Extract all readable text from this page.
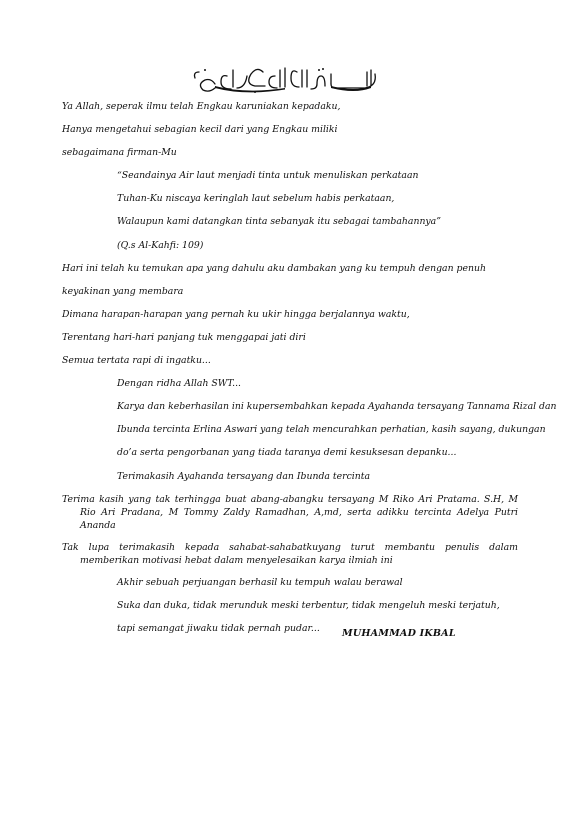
Ya Allah, seperak ilmu telah Engkau karuniakan kepadaku,
Hanya mengetahui sebagian kecil dari yang Engkau miliki
sebagaimana firman-Mu
“Seandainya Air laut menjadi tinta untuk menuliskan perkataan
Tuhan-Ku niscaya keringlah laut sebelum habis perkataan,
Walaupun kami datangkan tinta sebanyak itu sebagai tambahannya”
(Q.s Al-Kahfi: 109)
Hari ini telah ku temukan apa yang dahulu aku dambakan yang ku tempuh dengan penuh
keyakinan yang membara
Dimana harapan-harapan yang pernah ku ukir hingga berjalannya waktu,
Terentang hari-hari panjang tuk menggapai jati diri
Semua tertata rapi di ingatku...
Dengan ridha Allah SWT...
Karya dan keberhasilan ini kupersembahkan kepada Ayahanda tersayang Tannama Rizal dan
Ibunda tercinta Erlina Aswari yang telah mencurahkan perhatian, kasih sayang, dukungan
do’a serta pengorbanan yang tiada taranya demi kesuksesan depanku...
Terimakasih Ayahanda tersayang dan Ibunda tercinta
Terima kasih yang tak terhingga buat abang-abangku tersayang M Riko Ari Pratama. S.H, M Rio Ari Pradana, M Tommy Zaldy Ramadhan, A,md, serta adikku tercinta Adelya Putri Ananda
Tak lupa terimakasih kepada sahabat-sahabatkuyang turut membantu penulis dalam memberikan motivasi hebat dalam menyelesaikan karya ilmiah ini
Akhir sebuah perjuangan berhasil ku tempuh walau berawal
Suka dan duka, tidak merunduk meski terbentur, tidak mengeluh meski terjatuh,
tapi semangat jiwaku tidak pernah pudar...	MUHAMMAD IKBAL
